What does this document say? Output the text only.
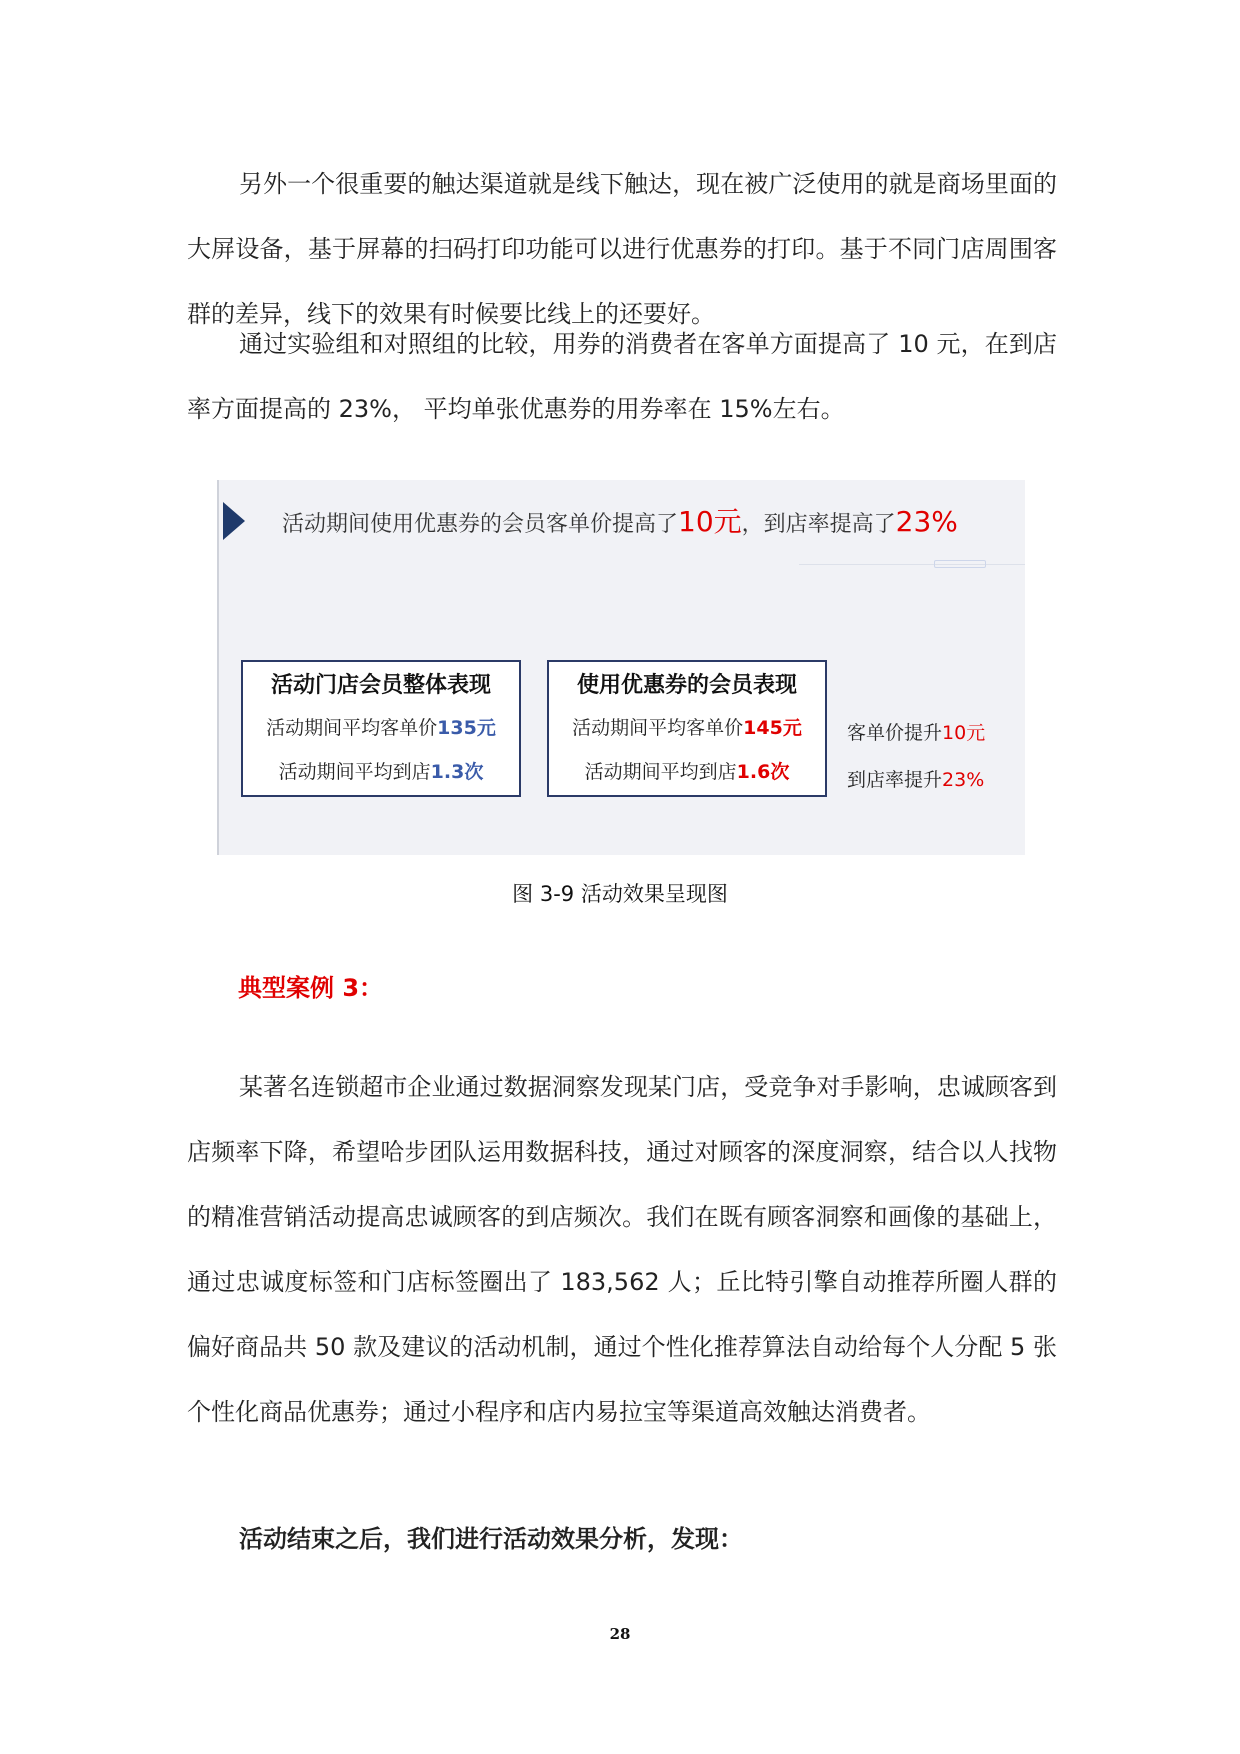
另外一个很重要的触达渠道就是线下触达，现在被广泛使用的就是商场里面的大屏设备，基于屏幕的扫码打印功能可以进行优惠券的打印。基于不同门店周围客群的差异，线下的效果有时候要比线上的还要好。

通过实验组和对照组的比较，用券的消费者在客单方面提高了 10 元，在到店率方面提高的 23%， 平均单张优惠券的用券率在 15%左右。

活动期间使用优惠券的会员客单价提高了10元，到店率提高了23%
活动门店会员整体表现
活动期间平均客单价135元
活动期间平均到店1.3次
使用优惠券的会员表现
活动期间平均客单价145元
活动期间平均到店1.6次
客单价提升10元
到店率提升23%
图 3-9 活动效果呈现图
典型案例 3：

某著名连锁超市企业通过数据洞察发现某门店，受竞争对手影响，忠诚顾客到店频率下降，希望哈步团队运用数据科技，通过对顾客的深度洞察，结合以人找物的精准营销活动提高忠诚顾客的到店频次。我们在既有顾客洞察和画像的基础上，通过忠诚度标签和门店标签圈出了 183,562 人；丘比特引擎自动推荐所圈人群的偏好商品共 50 款及建议的活动机制，通过个性化推荐算法自动给每个人分配 5 张个性化商品优惠券；通过小程序和店内易拉宝等渠道高效触达消费者。

活动结束之后，我们进行活动效果分析，发现：

28
